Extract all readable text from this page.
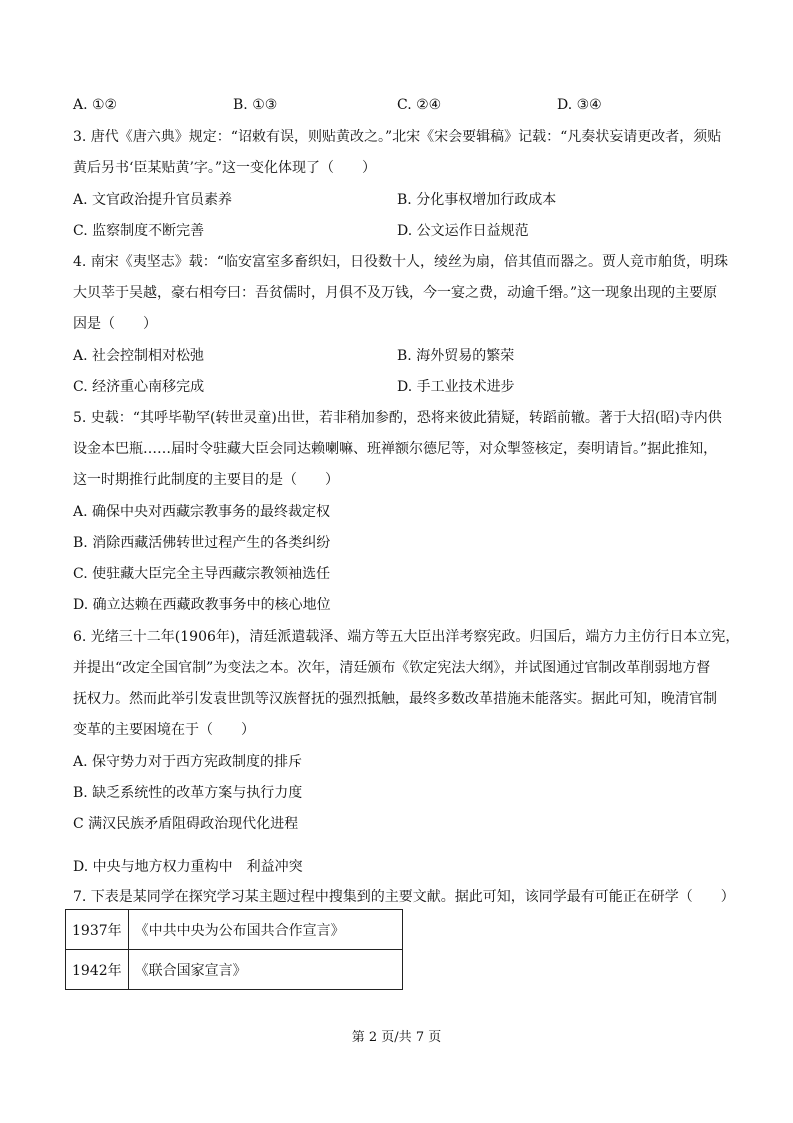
A. ①②	B. ①③	C. ②④	D. ③④
3. 唐代《唐六典》规定：“诏敕有误，则贴黄改之。”北宋《宋会要辑稿》记载：“凡奏状妄请更改者，须贴
黄后另书‘臣某贴黄’字。”这一变化体现了（　　）
A. 文官政治提升官员素养	B. 分化事权增加行政成本
C. 监察制度不断完善	D. 公文运作日益规范
4. 南宋《夷坚志》载：“临安富室多畜织妇，日役数十人，绫丝为扇，倍其值而器之。贾人竞市舶货，明珠
大贝莘于吴越，豪右相夸曰：吾贫儒时，月俱不及万钱，今一宴之费，动逾千缗。”这一现象出现的主要原
因是（　　）
A. 社会控制相对松弛	B. 海外贸易的繁荣
C. 经济重心南移完成	D. 手工业技术进步
5. 史载：“其呼毕勒罕(转世灵童)出世，若非稍加参酌，恐将来彼此猜疑，转蹈前辙。著于大招(昭)寺内供
设金本巴瓶……届时令驻藏大臣会同达赖喇嘛、班禅额尔德尼等，对众掣签核定，奏明请旨。”据此推知，
这一时期推行此制度的主要目的是（　　）
A. 确保中央对西藏宗教事务的最终裁定权
B. 消除西藏活佛转世过程产生的各类纠纷
C. 使驻藏大臣完全主导西藏宗教领袖选任
D. 确立达赖在西藏政教事务中的核心地位
6. 光绪三十二年(1906年)，清廷派遣载泽、端方等五大臣出洋考察宪政。归国后，端方力主仿行日本立宪，
并提出“改定全国官制”为变法之本。次年，清廷颁布《钦定宪法大纲》，并试图通过官制改革削弱地方督
抚权力。然而此举引发袁世凯等汉族督抚的强烈抵触，最终多数改革措施未能落实。据此可知，晚清官制
变革的主要困境在于（　　）
A. 保守势力对于西方宪政制度的排斥
B. 缺乏系统性的改革方案与执行力度
C 满汉民族矛盾阻碍政治现代化进程
D. 中央与地方权力重构中　利益冲突
7. 下表是某同学在探究学习某主题过程中搜集到的主要文献。据此可知，该同学最有可能正在研学（　　）
1937年	《中共中央为公布国共合作宣言》
1942年	《联合国家宣言》
第 2 页/共 7 页
